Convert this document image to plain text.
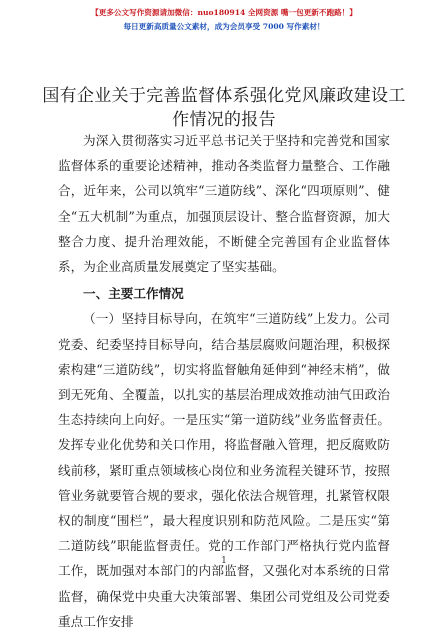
【更多公文写作资源请加微信：nuo180914 全网资源 嘴一包更新不跑路！】
每日更新高质量公文素材，成为会员享受 7000 写作素材！
国有企业关于完善监督体系强化党风廉政建设工作情况的报告

为深入贯彻落实习近平总书记关于坚持和完善党和国家监督体系的重要论述精神，推动各类监督力量整合、工作融合，近年来，公司以筑牢“三道防线”、深化“四项原则”、健全“五大机制”为重点，加强顶层设计、整合监督资源，加大整合力度、提升治理效能，不断健全完善国有企业监督体系，为企业高质量发展奠定了坚实基础。

一、主要工作情况

（一）坚持目标导向，在筑牢“三道防线”上发力。公司党委、纪委坚持目标导向，结合基层腐败问题治理，积极探索构建“三道防线”，切实将监督触角延伸到“神经末梢”，做到无死角、全覆盖，以扎实的基层治理成效推动油气田政治生态持续向上向好。一是压实“第一道防线”业务监督责任。发挥专业化优势和关口作用，将监督融入管理，把反腐败防线前移，紧盯重点领域核心岗位和业务流程关键环节，按照管业务就要管合规的要求，强化依法合规管理，扎紧管权限权的制度“围栏”，最大程度识别和防范风险。二是压实“第二道防线”职能监督责任。党的工作部门严格执行党内监督工作，既加强对本部门的内部监督，又强化对本系统的日常监督，确保党中央重大决策部署、集团公司党组及公司党委重点工作安排

1
